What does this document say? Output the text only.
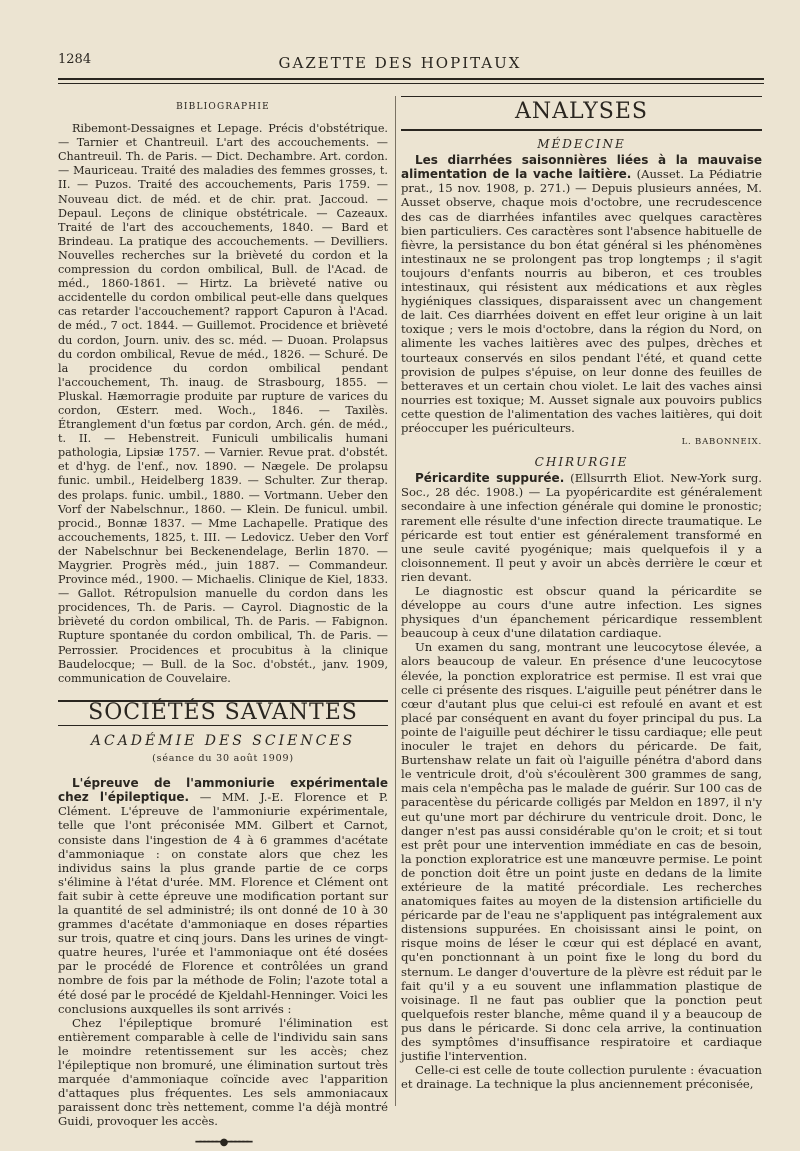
1284	GAZETTE DES HOPITAUX
BIBLIOGRAPHIE

Ribemont-Dessaignes et Lepage. Précis d'obstétrique. — Tarnier et Chantreuil. L'art des accouchements. — Chantreuil. Th. de Paris. — Dict. Dechambre. Art. cordon. — Mauriceau. Traité des maladies des femmes grosses, t. II. — Puzos. Traité des accouchements, Paris 1759. — Nouveau dict. de méd. et de chir. prat. Jaccoud. — Depaul. Leçons de clinique obstétricale. — Cazeaux. Traité de l'art des accouchements, 1840. — Bard et Brindeau. La pratique des accouchements. — Devilliers. Nouvelles recherches sur la brièveté du cordon et la compression du cordon ombilical, Bull. de l'Acad. de méd., 1860-1861. — Hirtz. La brièveté native ou accidentelle du cordon ombilical peut-elle dans quelques cas retarder l'accouchement? rapport Capuron à l'Acad. de méd., 7 oct. 1844. — Guillemot. Procidence et brièveté du cordon, Journ. univ. des sc. méd. — Duoan. Prolapsus du cordon ombilical, Revue de méd., 1826. — Schuré. De la procidence du cordon ombilical pendant l'accouchement, Th. inaug. de Strasbourg, 1855. — Pluskal. Hæmorragie produite par rupture de varices du cordon, Œsterr. med. Woch., 1846. — Taxilès. Étranglement d'un fœtus par cordon, Arch. gén. de méd., t. II. — Hebenstreit. Funiculi umbilicalis humani pathologia, Lipsiæ 1757. — Varnier. Revue prat. d'obstét. et d'hyg. de l'enf., nov. 1890. — Nægele. De prolapsu funic. umbil., Heidelberg 1839. — Schulter. Zur therap. des prolaps. funic. umbil., 1880. — Vortmann. Ueber den Vorf der Nabelschnur., 1860. — Klein. De funicul. umbil. procid., Bonnæ 1837. — Mme Lachapelle. Pratique des accouchements, 1825, t. III. — Ledovicz. Ueber den Vorf der Nabelschnur bei Beckenendelage, Berlin 1870. — Maygrier. Progrès méd., juin 1887. — Commandeur. Province méd., 1900. — Michaelis. Clinique de Kiel, 1833. — Gallot. Rétropulsion manuelle du cordon dans les procidences, Th. de Paris. — Cayrol. Diagnostic de la brièveté du cordon ombilical, Th. de Paris. — Fabignon. Rupture spontanée du cordon ombilical, Th. de Paris. — Perrossier. Procidences et procubitus à la clinique Baudelocque; — Bull. de la Soc. d'obstét., janv. 1909, communication de Couvelaire.

SOCIÉTÉS SAVANTES
ACADÉMIE DES SCIENCES
(séance du 30 août 1909)

L'épreuve de l'ammoniurie expérimentale chez l'épileptique. — MM. J.-E. Florence et P. Clément. L'épreuve de l'ammoniurie expérimentale, telle que l'ont préconisée MM. Gilbert et Carnot, consiste dans l'ingestion de 4 à 6 grammes d'acétate d'ammoniaque : on constate alors que chez les individus sains la plus grande partie de ce corps s'élimine à l'état d'urée. MM. Florence et Clément ont fait subir à cette épreuve une modification portant sur la quantité de sel administré; ils ont donné de 10 à 30 grammes d'acétate d'ammoniaque en doses réparties sur trois, quatre et cinq jours. Dans les urines de vingt-quatre heures, l'urée et l'ammoniaque ont été dosées par le procédé de Florence et contrôlées un grand nombre de fois par la méthode de Folin; l'azote total a été dosé par le procédé de Kjeldahl-Henninger. Voici les conclusions auxquelles ils sont arrivés :

Chez l'épileptique bromuré l'élimination est entièrement comparable à celle de l'individu sain sans le moindre retentissement sur les accès; chez l'épileptique non bromuré, une élimination surtout très marquée d'ammoniaque coïncide avec l'apparition d'attaques plus fréquentes. Les sels ammoniacaux paraissent donc très nettement, comme l'a déjà montré Guidi, provoquer les accès.

━━━━━━●━━━━━━
ANALYSES
MÉDECINE

Les diarrhées saisonnières liées à la mauvaise alimentation de la vache laitière. (Ausset. La Pédiatrie prat., 15 nov. 1908, p. 271.) — Depuis plusieurs années, M. Ausset observe, chaque mois d'octobre, une recrudescence des cas de diarrhées infantiles avec quelques caractères bien particuliers. Ces caractères sont l'absence habituelle de fièvre, la persistance du bon état général si les phénomènes intestinaux ne se prolongent pas trop longtemps ; il s'agit toujours d'enfants nourris au biberon, et ces troubles intestinaux, qui résistent aux médications et aux règles hygiéniques classiques, disparaissent avec un changement de lait. Ces diarrhées doivent en effet leur origine à un lait toxique ; vers le mois d'octobre, dans la région du Nord, on alimente les vaches laitières avec des pulpes, drèches et tourteaux conservés en silos pendant l'été, et quand cette provision de pulpes s'épuise, on leur donne des feuilles de betteraves et un certain chou violet. Le lait des vaches ainsi nourries est toxique; M. Ausset signale aux pouvoirs publics cette question de l'alimentation des vaches laitières, qui doit préoccuper les puériculteurs.

L. BABONNEIX.
CHIRURGIE

Péricardite suppurée. (Ellsurrth Eliot. New-York surg. Soc., 28 déc. 1908.) — La pyopéricardite est généralement secondaire à une infection générale qui domine le pronostic; rarement elle résulte d'une infection directe traumatique. Le péricarde est tout entier est généralement transformé en une seule cavité pyogénique; mais quelquefois il y a cloisonnement. Il peut y avoir un abcès derrière le cœur et rien devant.

Le diagnostic est obscur quand la péricardite se développe au cours d'une autre infection. Les signes physiques d'un épanchement péricardique ressemblent beaucoup à ceux d'une dilatation cardiaque.

Un examen du sang, montrant une leucocytose élevée, a alors beaucoup de valeur. En présence d'une leucocytose élevée, la ponction exploratrice est permise. Il est vrai que celle ci présente des risques. L'aiguille peut pénétrer dans le cœur d'autant plus que celui-ci est refoulé en avant et est placé par conséquent en avant du foyer principal du pus. La pointe de l'aiguille peut déchirer le tissu cardiaque; elle peut inoculer le trajet en dehors du péricarde. De fait, Burtenshaw relate un fait où l'aiguille pénétra d'abord dans le ventricule droit, d'où s'écoulèrent 300 grammes de sang, mais cela n'empêcha pas le malade de guérir. Sur 100 cas de paracentèse du péricarde colligés par Meldon en 1897, il n'y eut qu'une mort par déchirure du ventricule droit. Donc, le danger n'est pas aussi considérable qu'on le croit; et si tout est prêt pour une intervention immédiate en cas de besoin, la ponction exploratrice est une manœuvre permise. Le point de ponction doit être un point juste en dedans de la limite extérieure de la matité précordiale. Les recherches anatomiques faites au moyen de la distension artificielle du péricarde par de l'eau ne s'appliquent pas intégralement aux distensions suppurées. En choisissant ainsi le point, on risque moins de léser le cœur qui est déplacé en avant, qu'en ponctionnant à un point fixe le long du bord du sternum. Le danger d'ouverture de la plèvre est réduit par le fait qu'il y a eu souvent une inflammation plastique de voisinage. Il ne faut pas oublier que la ponction peut quelquefois rester blanche, même quand il y a beaucoup de pus dans le péricarde. Si donc cela arrive, la continuation des symptômes d'insuffisance respiratoire et cardiaque justifie l'intervention.

Celle-ci est celle de toute collection purulente : évacuation et drainage. La technique la plus anciennement préconisée,
